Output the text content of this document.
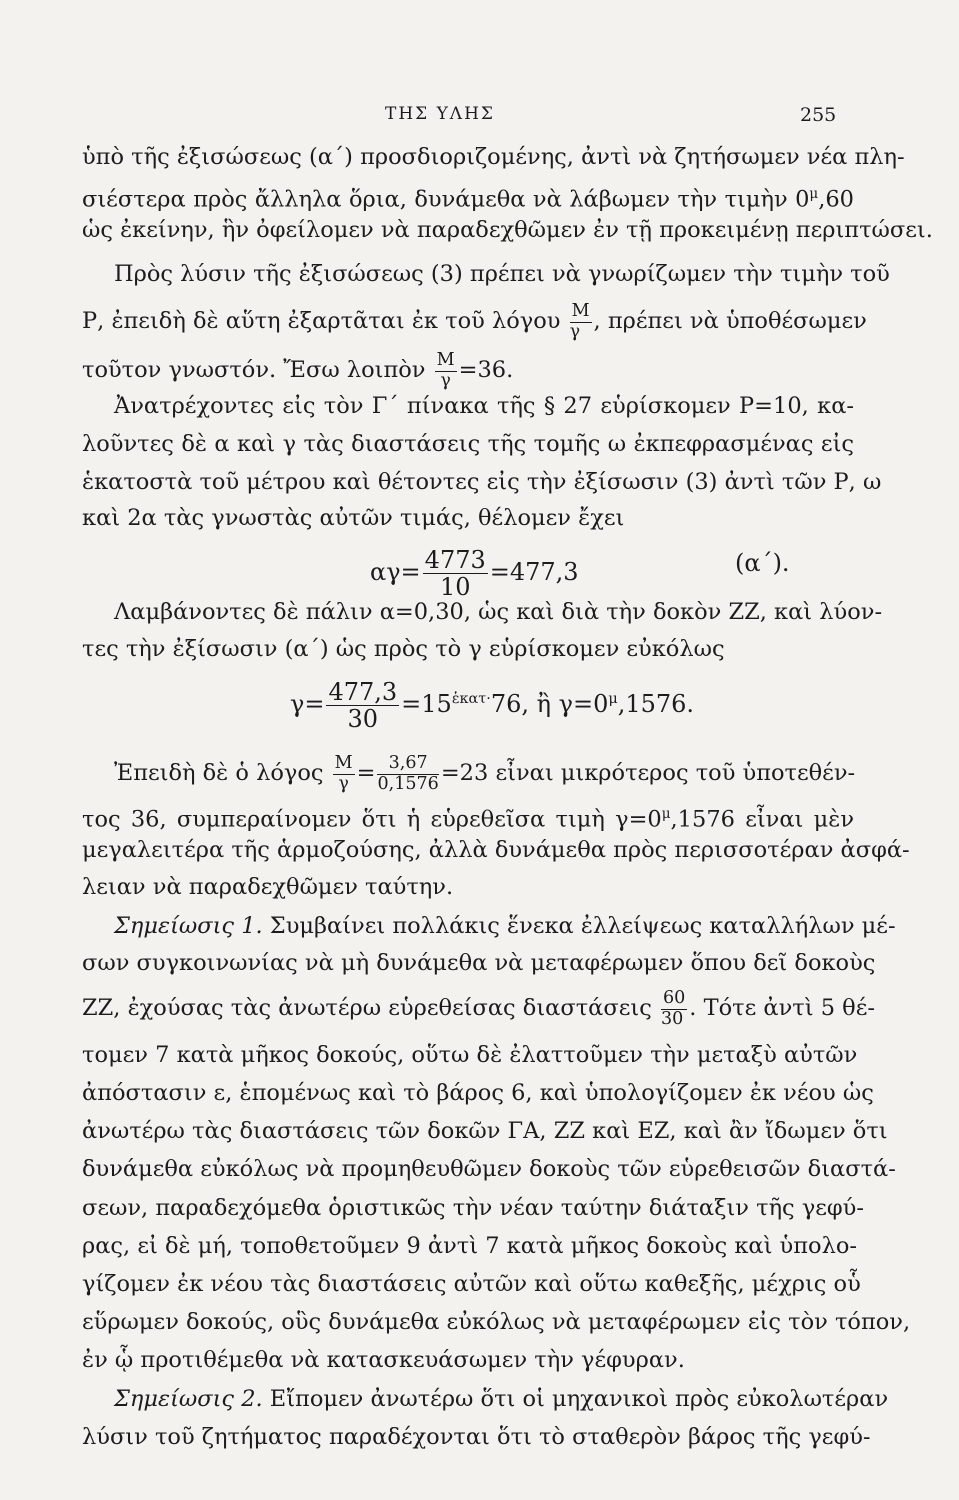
ΤΗΣ ΥΛΗΣ	255
ὑπὸ τῆς ἐξισώσεως (α΄) προσδιοριζομένης, ἀντὶ νὰ ζητήσωμεν νέα πλη-
σιέστερα πρὸς ἄλληλα ὅρια, δυνάμεθα νὰ λάβωμεν τὴν τιμὴν $0^\mu,60$
ὡς ἐκείνην, ἣν ὀφείλομεν νὰ παραδεχθῶμεν ἐν τῇ προκειμένῃ περιπτώσει.
Πρὸς λύσιν τῆς ἐξισώσεως (3) πρέπει νὰ γνωρίζωμεν τὴν τιμὴν τοῦ
Ρ, ἐπειδὴ δὲ αὕτη ἐξαρτᾶται ἐκ τοῦ λόγου $\frac{M}{\gamma}$ , πρέπει νὰ ὑποθέσωμεν
τοῦτον γνωστόν. Ἔσω λοιπὸν $\frac{M}{\gamma} =36$.
Ἀνατρέχοντες εἰς τὸν Γ΄ πίνακα τῆς § 27 εὑρίσκομεν Ρ=10, κα-
λοῦντες δὲ α καὶ γ τὰς διαστάσεις τῆς τομῆς ω ἐκπεφρασμένας εἰς
ἑκατοστὰ τοῦ μέτρου καὶ θέτοντες εἰς τὴν ἐξίσωσιν (3) ἀντὶ τῶν Ρ, ω
καὶ 2α τὰς γνωστὰς αὐτῶν τιμάς, θέλομεν ἔχει
$\alpha\gamma= \frac{4773}{10} =477,3$	(α΄).
Λαμβάνοντες δὲ πάλιν α=0,30, ὡς καὶ διὰ τὴν δοκὸν ΖΖ, καὶ λύον-
τες τὴν ἐξίσωσιν (α΄) ὡς πρὸς τὸ γ εὑρίσκομεν εὐκόλως
$\gamma= \frac{477,3}{30} =15^{ἑ\kappa\alpha\tau\cdot}76$, ἢ $\gamma=0^\mu,1576$.
Ἐπειδὴ δὲ ὁ λόγος $\frac{M}{\gamma} = \frac{3,67}{0,1576} =23$ εἶναι μικρότερος τοῦ ὑποτεθέν-
τος 36, συμπεραίνομεν ὅτι ἡ εὑρεθεῖσα τιμὴ $\gamma=0^\mu,1576$ εἶναι μὲν
μεγαλειτέρα τῆς ἁρμοζούσης, ἀλλὰ δυνάμεθα πρὸς περισσοτέραν ἀσφά-
λειαν νὰ παραδεχθῶμεν ταύτην.
Σημείωσις 1. Συμβαίνει πολλάκις ἕνεκα ἐλλείψεως καταλλήλων μέ-
σων συγκοινωνίας νὰ μὴ δυνάμεθα νὰ μεταφέρωμεν ὅπου δεῖ δοκοὺς
ΖΖ, ἐχούσας τὰς ἀνωτέρω εὑρεθείσας διαστάσεις $\frac{60}{30}$ . Τότε ἀντὶ 5 θέ-
τομεν 7 κατὰ μῆκος δοκούς, οὕτω δὲ ἐλαττοῦμεν τὴν μεταξὺ αὐτῶν
ἀπόστασιν ε, ἑπομένως καὶ τὸ βάρος 6, καὶ ὑπολογίζομεν ἐκ νέου ὡς
ἀνωτέρω τὰς διαστάσεις τῶν δοκῶν ΓΑ, ΖΖ καὶ ΕΖ, καὶ ἂν ἴδωμεν ὅτι
δυνάμεθα εὐκόλως νὰ προμηθευθῶμεν δοκοὺς τῶν εὑρεθεισῶν διαστά-
σεων, παραδεχόμεθα ὁριστικῶς τὴν νέαν ταύτην διάταξιν τῆς γεφύ-
ρας, εἰ δὲ μή, τοποθετοῦμεν 9 ἀντὶ 7 κατὰ μῆκος δοκοὺς καὶ ὑπολο-
γίζομεν ἐκ νέου τὰς διαστάσεις αὐτῶν καὶ οὕτω καθεξῆς, μέχρις οὗ
εὕρωμεν δοκούς, οὓς δυνάμεθα εὐκόλως νὰ μεταφέρωμεν εἰς τὸν τόπον,
ἐν ᾧ προτιθέμεθα νὰ κατασκευάσωμεν τὴν γέφυραν.
Σημείωσις 2. Εἴπομεν ἀνωτέρω ὅτι οἱ μηχανικοὶ πρὸς εὐκολωτέραν
λύσιν τοῦ ζητήματος παραδέχονται ὅτι τὸ σταθερὸν βάρος τῆς γεφύ-
